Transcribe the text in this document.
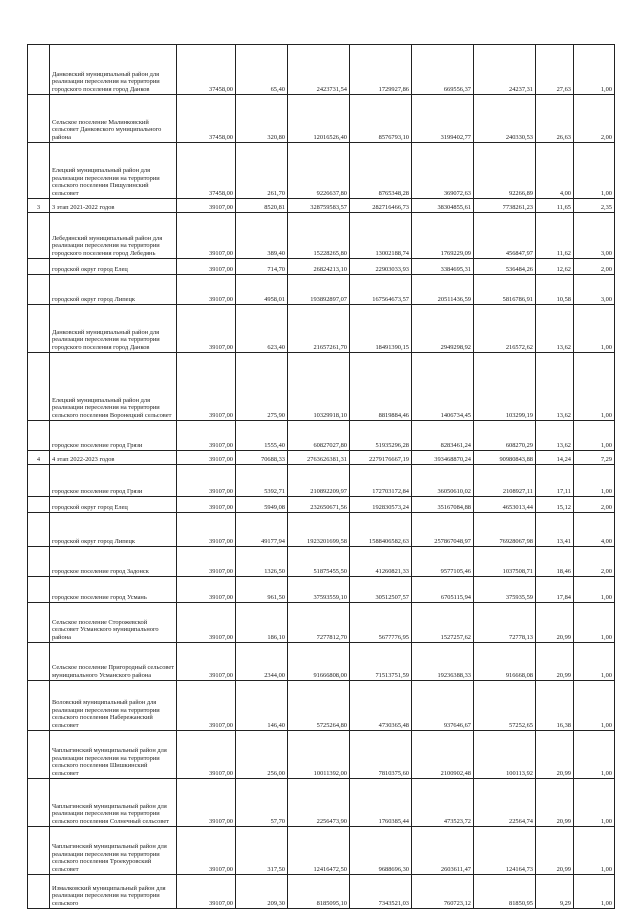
	Данковский муниципальный район для реализации переселения на территории городского поселения город Данков	37458,00	65,40	2423731,54	1729927,86	669556,37	24237,31	27,63	1,00
	Сельское поселение Малинковский сельсовет Данковского муниципального района	37458,00	320,80	12016526,40	8576793,10	3199402,77	240330,53	26,63	2,00
	Елецкий муниципальный район для реализации переселения на территории сельского поселения Пищулинский сельсовет	37458,00	261,70	9226637,80	8765348,28	369072,63	92266,89	4,00	1,00
3	3 этап 2021-2022 годов	39107,00	8520,81	328759583,57	282716466,73	38304855,61	7738261,23	11,65	2,35
	Лебедянский муниципальный район для реализации переселения на территории городского поселения город Лебедянь	39107,00	389,40	15228265,80	13002188,74	1769229,09	456847,97	11,62	3,00
	городской округ город Елец	39107,00	714,70	26824213,10	22903033,93	3384695,31	536484,26	12,62	2,00
	городской округ город Липецк	39107,00	4958,01	193892897,07	167564673,57	20511436,59	5816786,91	10,58	3,00
	Данковский муниципальный район для реализации переселения на территории городского поселения город Данков	39107,00	623,40	21657261,70	18491390,15	2949298,92	216572,62	13,62	1,00
	Елецкий муниципальный район для реализации переселения на территории сельского поселения Воронецкий сельсовет	39107,00	275,90	10329918,10	8819884,46	1406734,45	103299,19	13,62	1,00
	городское поселение город Грязи	39107,00	1555,40	60827027,80	51935296,28	8283461,24	608270,29	13,62	1,00
4	4 этап 2022-2023 годов	39107,00	70688,33	2763626381,31	2279176667,19	393468870,24	90980843,88	14,24	7,29
	городское поселение город Грязи	39107,00	5392,71	210892209,97	172703172,84	36050610,02	2108927,11	17,11	1,00
	городской округ город Елец	39107,00	5949,08	232650671,56	192830573,24	35167084,88	4653013,44	15,12	2,00
	городской округ город Липецк	39107,00	49177,94	1923201699,58	1588406582,63	257867048,97	76928067,98	13,41	4,00
	городское поселение город Задонск	39107,00	1326,50	51875455,50	41260821,33	9577105,46	1037508,71	18,46	2,00
	городское поселение город Усмань	39107,00	961,50	37593559,10	30512507,57	6705115,94	375935,59	17,84	1,00
	Сельское поселение Сторожевской сельсовет Усманского муниципального района	39107,00	186,10	7277812,70	5677776,95	1527257,62	72778,13	20,99	1,00
	Сельское поселение Пригородный сельсовет муниципального Усманского района	39107,00	2344,00	91666808,00	71513751,59	19236388,33	916668,08	20,99	1,00
	Воловский муниципальный район для реализации переселения на территории сельского поселения Набережанский сельсовет	39107,00	146,40	5725264,80	4730365,48	937646,67	57252,65	16,38	1,00
	Чаплыгинский муниципальный район для реализации переселения на территории сельского поселения Шишкинский сельсовет	39107,00	256,00	10011392,00	7810375,60	2100902,48	100113,92	20,99	1,00
	Чаплыгинский муниципальный район для реализации переселения на территории сельского поселения Солнечный сельсовет	39107,00	57,70	2256473,90	1760385,44	473523,72	22564,74	20,99	1,00
	Чаплыгинский муниципальный район для реализации переселения на территории сельского поселения Троекуровский сельсовет	39107,00	317,50	12416472,50	9688696,30	2603611,47	124164,73	20,99	1,00
	Измалковский муниципальный район для реализации переселения на территории сельского	39107,00	209,30	8185095,10	7343521,03	760723,12	81850,95	9,29	1,00
